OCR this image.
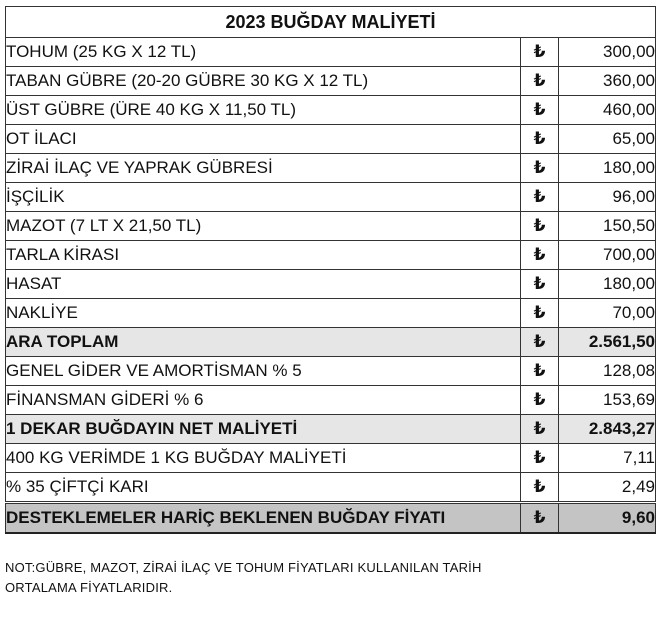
2023 BUĞDAY MALİYETİ		
TOHUM (25 KG X 12 TL)	₺	300,00
TABAN GÜBRE (20-20 GÜBRE 30 KG X 12 TL)	₺	360,00
ÜST GÜBRE (ÜRE 40 KG X 11,50 TL)	₺	460,00
OT İLACI	₺	65,00
ZİRAİ İLAÇ VE YAPRAK GÜBRESİ	₺	180,00
İŞÇİLİK	₺	96,00
MAZOT (7 LT X 21,50 TL)	₺	150,50
TARLA KİRASI	₺	700,00
HASAT	₺	180,00
NAKLİYE	₺	70,00
ARA TOPLAM	₺	2.561,50
GENEL GİDER VE AMORTİSMAN % 5	₺	128,08
FİNANSMAN GİDERİ % 6	₺	153,69
1 DEKAR BUĞDAYIN NET MALİYETİ	₺	2.843,27
400 KG VERİMDE 1 KG BUĞDAY MALİYETİ	₺	7,11
% 35 ÇİFTÇİ KARI	₺	2,49
DESTEKLEMELER HARİÇ BEKLENEN BUĞDAY FİYATI	₺	9,60
NOT:GÜBRE, MAZOT, ZİRAİ İLAÇ VE TOHUM FİYATLARI KULLANILAN TARİH
ORTALAMA FİYATLARIDIR.
